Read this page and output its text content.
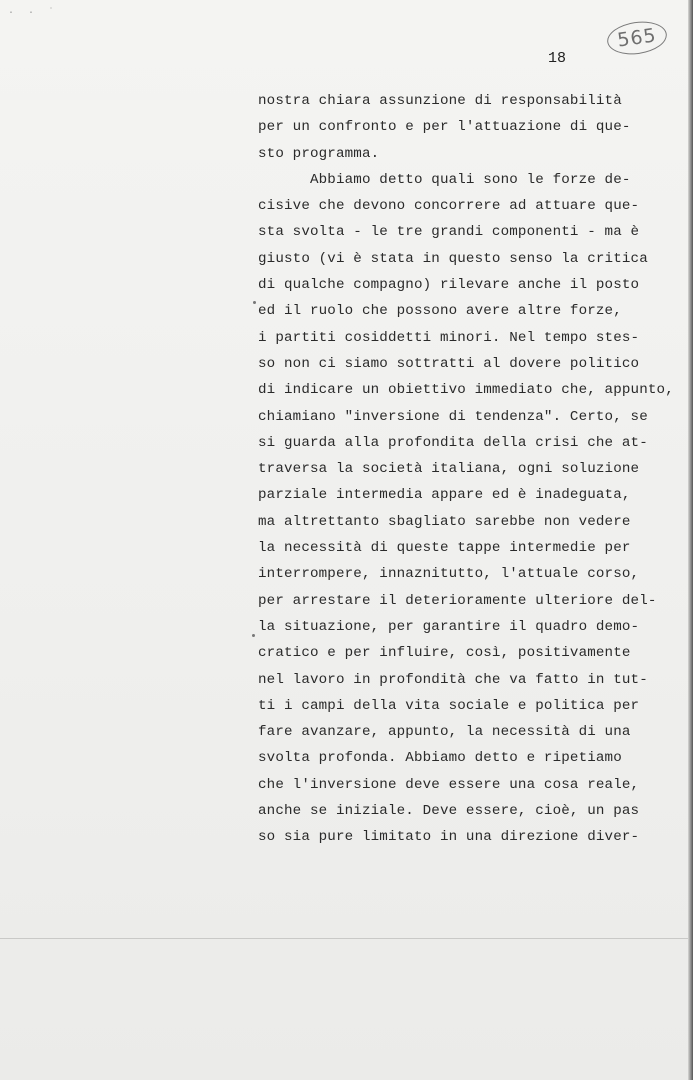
· · ˙
565
18
nostra chiara assunzione di responsabilità
per un confronto e per l'attuazione di que-
sto programma.
Abbiamo detto quali sono le forze de-
cisive che devono concorrere ad attuare que-
sta svolta - le tre grandi componenti - ma è
giusto (vi è stata in questo senso la critica
di qualche compagno) rilevare anche il posto
ed il ruolo che possono avere altre forze,
i partiti cosiddetti minori. Nel tempo stes-
so non ci siamo sottratti al dovere politico
di indicare un obiettivo immediato che, appunto,
chiamiano "inversione di tendenza". Certo, se
si guarda alla profondita della crisi che at-
traversa la società italiana, ogni soluzione
parziale intermedia appare ed è inadeguata,
ma altrettanto sbagliato sarebbe non vedere
la necessità di queste tappe intermedie per
interrompere, innaznitutto, l'attuale corso,
per arrestare il deterioramente ulteriore del-
la situazione, per garantire il quadro demo-
cratico e per influire, così, positivamente
nel lavoro in profondità che va fatto in tut-
ti i campi della vita sociale e politica per
fare avanzare, appunto, la necessità di una
svolta profonda. Abbiamo detto e ripetiamo
che l'inversione deve essere una cosa reale,
anche se iniziale. Deve essere, cioè, un pas
so sia pure limitato in una direzione diver-
